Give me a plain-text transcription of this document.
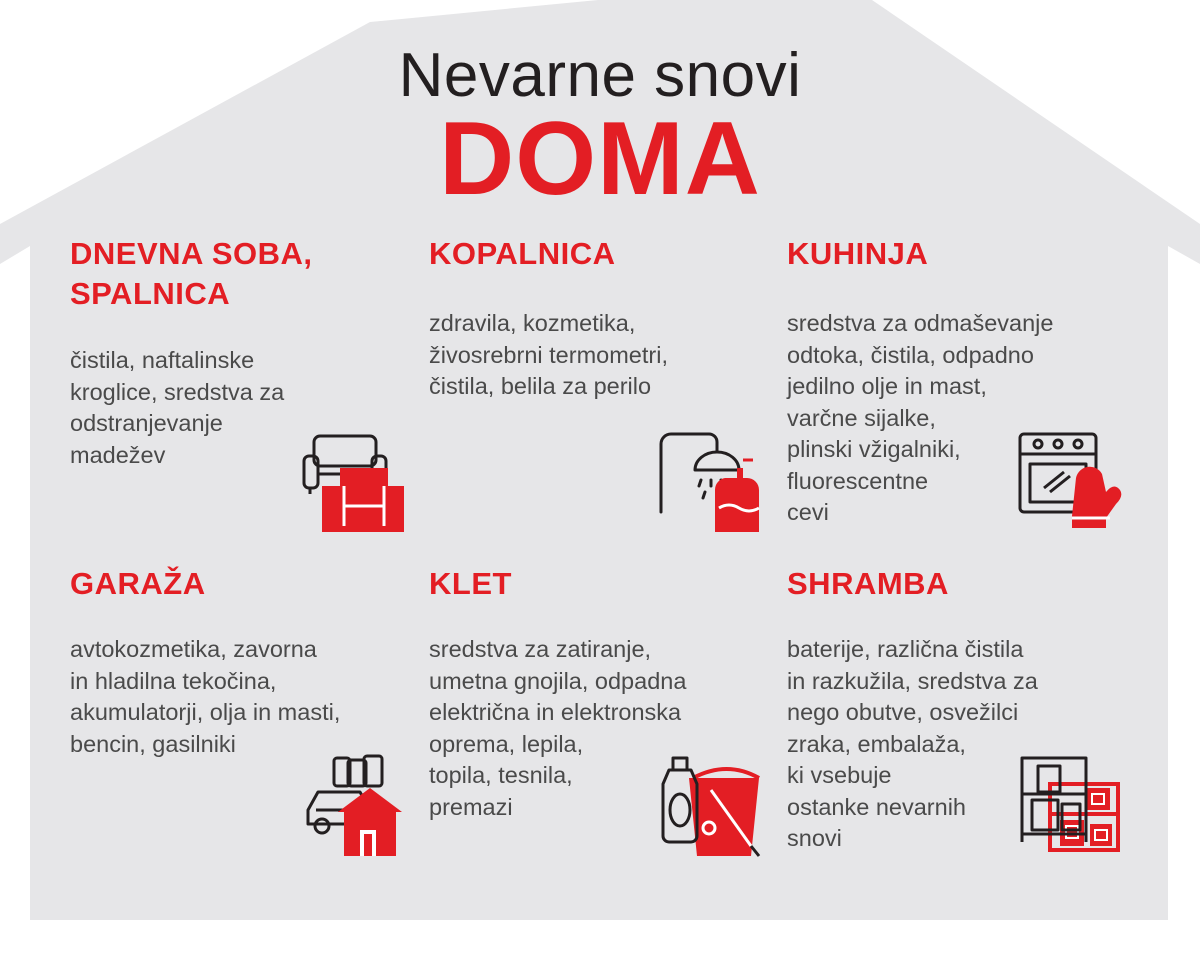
Nevarne snovi
DOMA
DNEVNA SOBA,
SPALNICA

čistila, naftalinske
kroglice, sredstva za
odstranjevanje
madežev

KOPALNICA

zdravila, kozmetika,
živosrebrni termometri,
čistila, belila za perilo

KUHINJA

sredstva za odmaševanje
odtoka, čistila, odpadno
jedilno olje in mast,
varčne sijalke,
plinski vžigalniki,
fluorescentne
cevi

GARAŽA

avtokozmetika, zavorna
in hladilna tekočina,
akumulatorji, olja in masti,
bencin, gasilniki

KLET

sredstva za zatiranje,
umetna gnojila, odpadna
električna in elektronska
oprema, lepila,
topila, tesnila,
premazi

SHRAMBA

baterije, različna čistila
in razkužila, sredstva za
nego obutve, osvežilci
zraka, embalaža,
ki vsebuje
ostanke nevarnih
snovi
